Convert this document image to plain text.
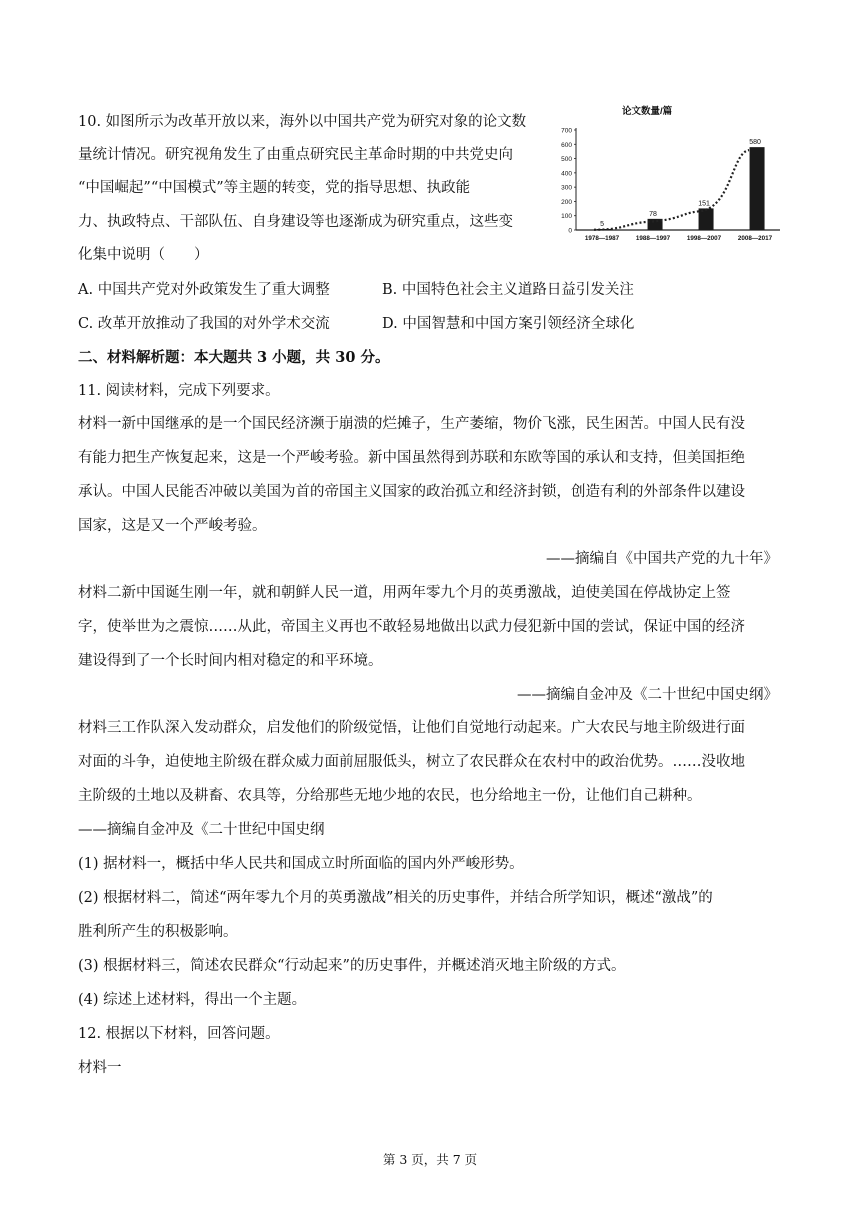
10. 如图所示为改革开放以来，海外以中国共产党为研究对象的论文数
量统计情况。研究视角发生了由重点研究民主革命时期的中共党史向
“中国崛起”“中国模式”等主题的转变，党的指导思想、执政能
力、执政特点、干部队伍、自身建设等也逐渐成为研究重点，这些变
化集中说明（　　）
论文数量/篇
0
100
200
300
400
500
600
700
5
78
151
580
1978—1987	1988—1997	1998—2007	2008—2017
A. 中国共产党对外政策发生了重大调整	B. 中国特色社会主义道路日益引发关注
C. 改革开放推动了我国的对外学术交流	D. 中国智慧和中国方案引领经济全球化
二、材料解析题：本大题共 3 小题，共 30 分。
11. 阅读材料，完成下列要求。
材料一新中国继承的是一个国民经济濒于崩溃的烂摊子，生产萎缩，物价飞涨，民生困苦。中国人民有没
有能力把生产恢复起来，这是一个严峻考验。新中国虽然得到苏联和东欧等国的承认和支持，但美国拒绝
承认。中国人民能否冲破以美国为首的帝国主义国家的政治孤立和经济封锁，创造有利的外部条件以建设
国家，这是又一个严峻考验。
——摘编自《中国共产党的九十年》
材料二新中国诞生刚一年，就和朝鲜人民一道，用两年零九个月的英勇激战，迫使美国在停战协定上签
字，使举世为之震惊……从此，帝国主义再也不敢轻易地做出以武力侵犯新中国的尝试，保证中国的经济
建设得到了一个长时间内相对稳定的和平环境。
——摘编自金冲及《二十世纪中国史纲》
材料三工作队深入发动群众，启发他们的阶级觉悟，让他们自觉地行动起来。广大农民与地主阶级进行面
对面的斗争，迫使地主阶级在群众威力面前屈服低头，树立了农民群众在农村中的政治优势。……没收地
主阶级的土地以及耕畜、农具等，分给那些无地少地的农民，也分给地主一份，让他们自己耕种。
——摘编自金冲及《二十世纪中国史纲
(1) 据材料一，概括中华人民共和国成立时所面临的国内外严峻形势。
(2) 根据材料二，简述“两年零九个月的英勇激战”相关的历史事件，并结合所学知识，概述“激战”的
胜利所产生的积极影响。
(3) 根据材料三，简述农民群众“行动起来”的历史事件，并概述消灭地主阶级的方式。
(4) 综述上述材料，得出一个主题。
12. 根据以下材料，回答问题。
材料一
第 3 页，共 7 页
